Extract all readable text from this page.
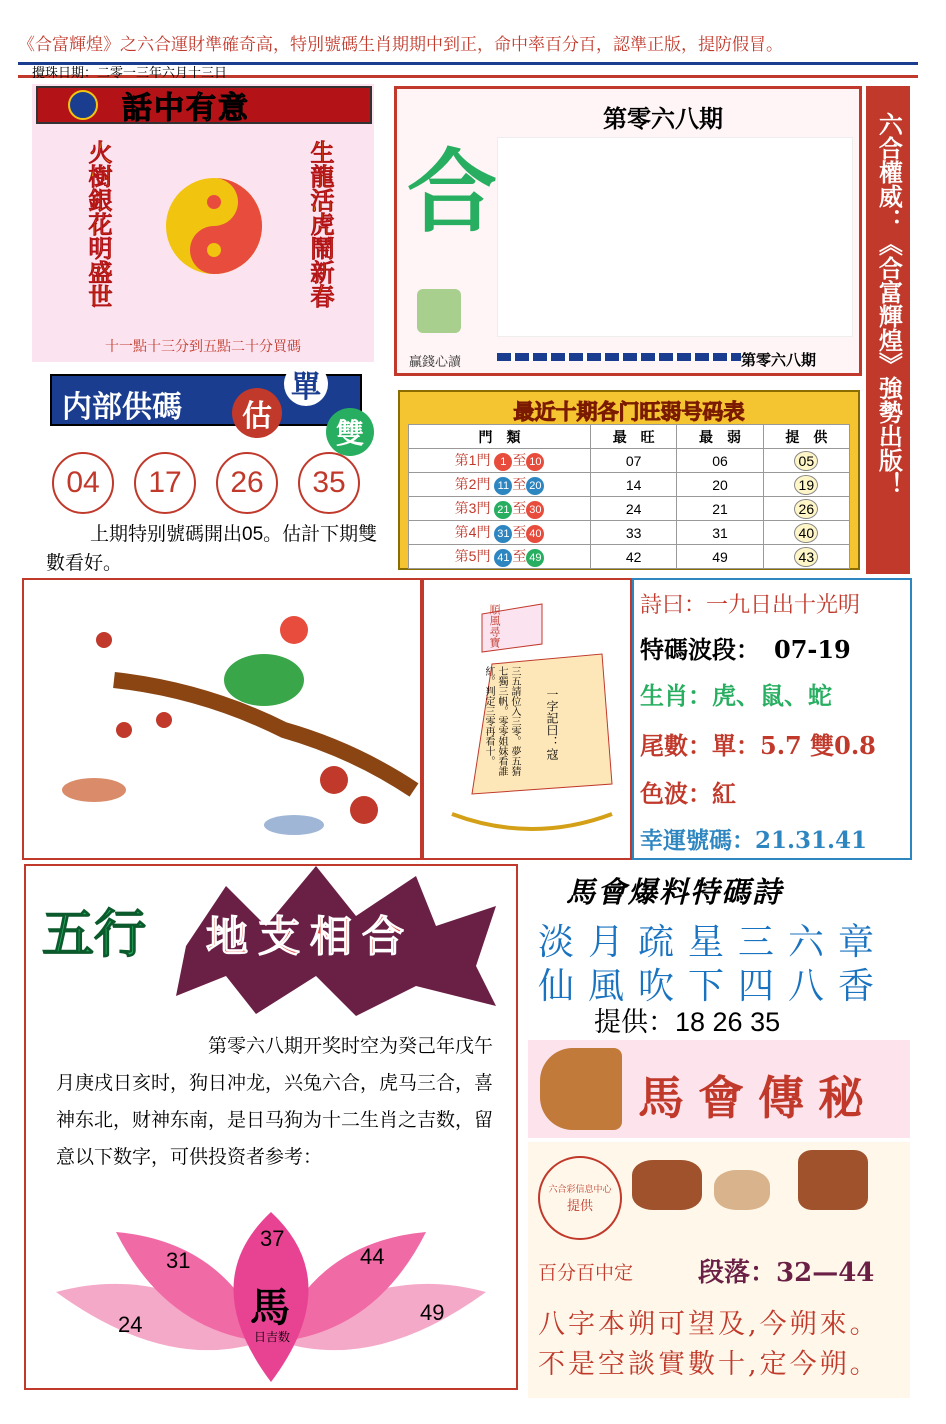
《合富輝煌》之六合運財準確奇高，特別號碼生肖期期中到正，命中率百分百，認準正版，提防假冒。
攪珠日期：二零一三年六月十三日
話中有意
火樹銀花明盛世	生龍活虎鬧新春
十一點十三分到五點二十分買碼
合
第零六八期
贏錢心讀	第零六八期 六合權威：《合富輝煌》強勢出版！
内部供碼	估
單
雙
04	17	26	35
上期特别號碼開出05。估計下期雙數看好。
最近十期各门旺弱号码表
門　類	最　旺	最　弱	提　供
第1門 1 至 10	07	06	05
第2門 11 至 20	14	20	19
第3門 21 至 30	24	21	26
第4門 31 至 40	33	31	40
第5門 41 至 49	42	49	43
順風尋寶
一字記曰：寇
三五請位入三零。夢五猜七獨三帆。零零姐妹看誰紅。判定三零再看十。
詩曰：一九日出十光明
特碼波段： 07-19
生肖：虎、鼠、蛇
尾數：單：5.7 雙0.8
色波：紅
幸運號碼：21.31.41
五行 地支相合
第零六八期开奖时空为癸己年戊午月庚戌日亥时，狗日冲龙，兴兔六合，虎马三合，喜神东北，财神东南，是日马狗为十二生肖之吉数，留意以下数字，可供投资者参考：
馬
日吉数
24
31
37
44
49
馬會爆料特碼詩
淡月疏星三六章
仙風吹下四八香
提供：18 26 35
馬會傳秘
六合彩信息中心
提供
百分百中定 段落：32—44
八字本朔可望及,今朔來。
不是空談實數十,定今朔。
